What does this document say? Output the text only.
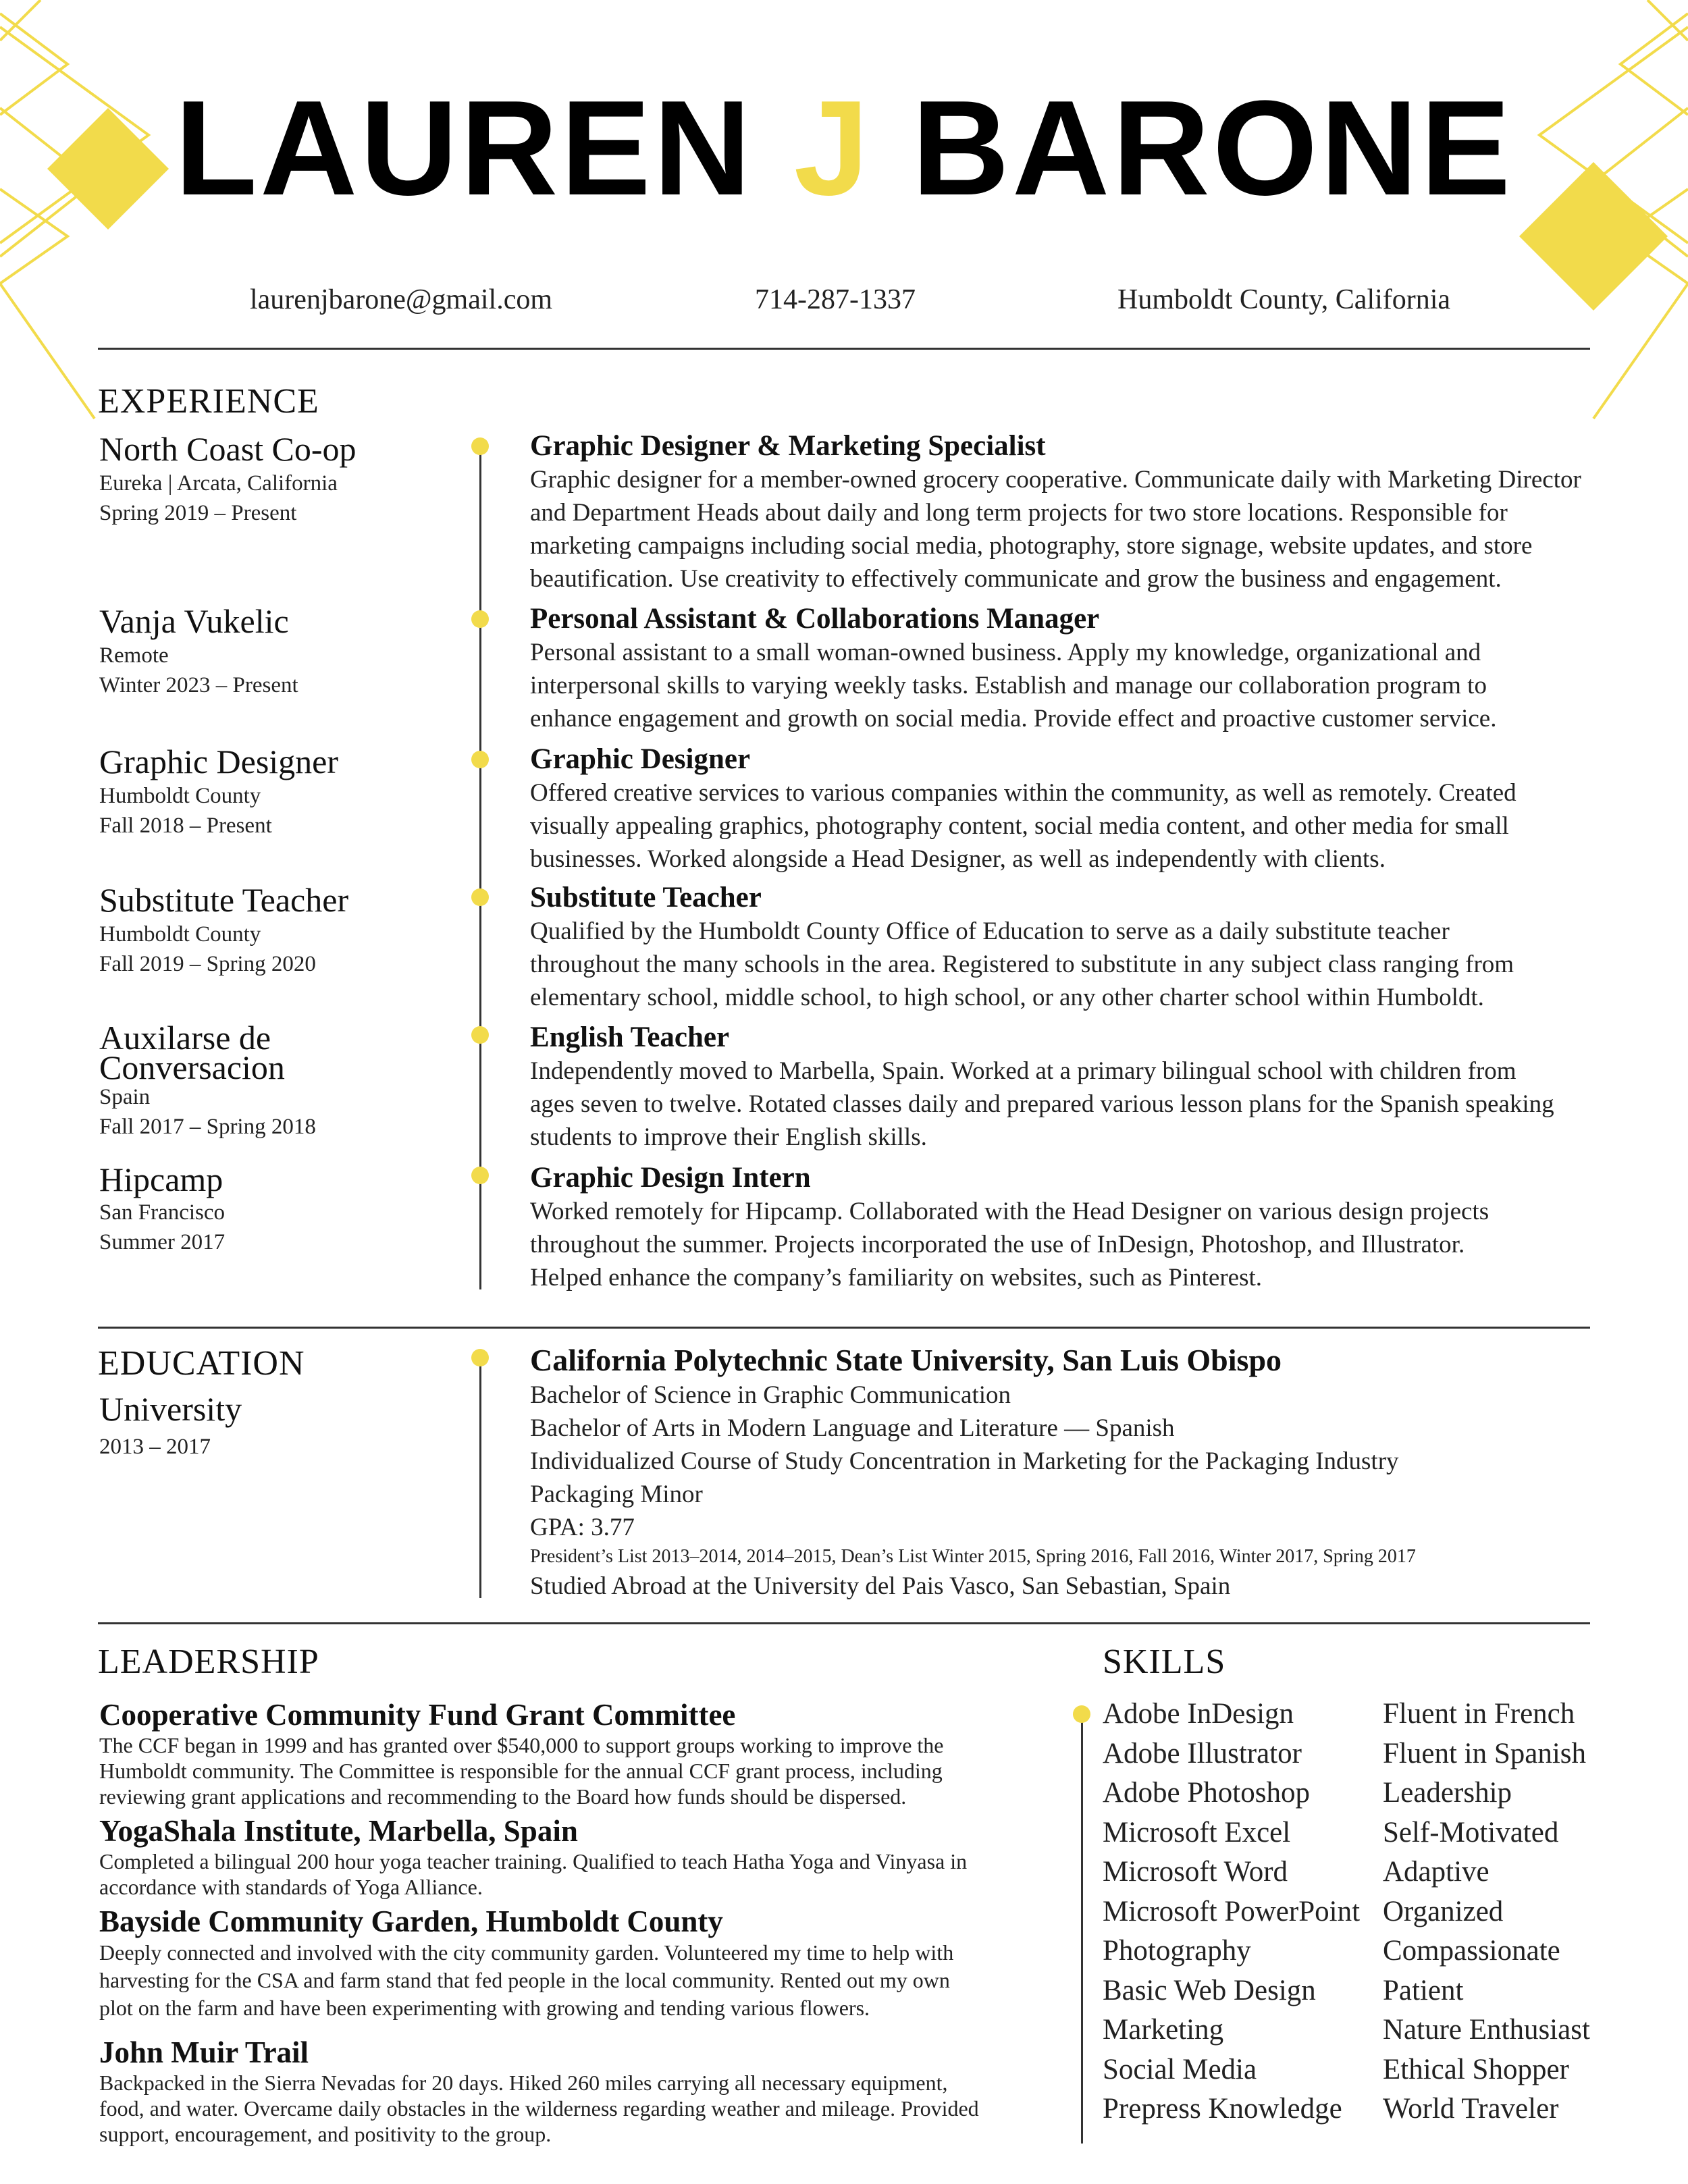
LAUREN J BARONE
laurenjbarone@gmail.com	714-287-1337	Humboldt County, California
EXPERIENCE
North Coast Co-op
Eureka | Arcata, California
Spring 2019 – Present
Graphic Designer & Marketing Specialist
Graphic designer for a member-owned grocery cooperative. Communicate daily with Marketing Director
and Department Heads about daily and long term projects for two store locations. Responsible for
marketing campaigns including social media, photography, store signage, website updates, and store
beautification. Use creativity to effectively communicate and grow the business and engagement.
Vanja Vukelic
Remote
Winter 2023 – Present
Personal Assistant & Collaborations Manager
Personal assistant to a small woman-owned business. Apply my knowledge, organizational and
interpersonal skills to varying weekly tasks. Establish and manage our collaboration program to
enhance engagement and growth on social media. Provide effect and proactive customer service.
Graphic Designer
Humboldt County
Fall 2018 – Present
Graphic Designer
Offered creative services to various companies within the community, as well as remotely. Created
visually appealing graphics, photography content, social media content, and other media for small
businesses. Worked alongside a Head Designer, as well as independently with clients.
Substitute Teacher
Humboldt County
Fall 2019 – Spring 2020
Substitute Teacher
Qualified by the Humboldt County Office of Education to serve as a daily substitute teacher
throughout the many schools in the area. Registered to substitute in any subject class ranging from
elementary school, middle school, to high school, or any other charter school within Humboldt.
Auxilarse de
Conversacion
Spain
Fall 2017 – Spring 2018
English Teacher
Independently moved to Marbella, Spain. Worked at a primary bilingual school with children from
ages seven to twelve. Rotated classes daily and prepared various lesson plans for the Spanish speaking
students to improve their English skills.
Hipcamp
San Francisco
Summer 2017
Graphic Design Intern
Worked remotely for Hipcamp. Collaborated with the Head Designer on various design projects
throughout the summer. Projects incorporated the use of InDesign, Photoshop, and Illustrator.
Helped enhance the company’s familiarity on websites, such as Pinterest.
EDUCATION
University
2013 – 2017
California Polytechnic State University, San Luis Obispo
Bachelor of Science in Graphic Communication
Bachelor of Arts in Modern Language and Literature — Spanish
Individualized Course of Study Concentration in Marketing for the Packaging Industry
Packaging Minor
GPA: 3.77
President’s List 2013–2014, 2014–2015, Dean’s List Winter 2015, Spring 2016, Fall 2016, Winter 2017, Spring 2017
Studied Abroad at the University del Pais Vasco, San Sebastian, Spain
LEADERSHIP
Cooperative Community Fund Grant Committee
The CCF began in 1999 and has granted over $540,000 to support groups working to improve the
Humboldt community. The Committee is responsible for the annual CCF grant process, including
reviewing grant applications and recommending to the Board how funds should be dispersed.
YogaShala Institute, Marbella, Spain
Completed a bilingual 200 hour yoga teacher training. Qualified to teach Hatha Yoga and Vinyasa in
accordance with standards of Yoga Alliance.
Bayside Community Garden, Humboldt County
Deeply connected and involved with the city community garden. Volunteered my time to help with
harvesting for the CSA and farm stand that fed people in the local community. Rented out my own
plot on the farm and have been experimenting with growing and tending various flowers.
John Muir Trail
Backpacked in the Sierra Nevadas for 20 days. Hiked 260 miles carrying all necessary equipment,
food, and water. Overcame daily obstacles in the wilderness regarding weather and mileage. Provided
support, encouragement, and positivity to the group.
SKILLS
Adobe InDesign
Adobe Illustrator
Adobe Photoshop
Microsoft Excel
Microsoft Word
Microsoft PowerPoint
Photography
Basic Web Design
Marketing
Social Media
Prepress Knowledge
Fluent in French
Fluent in Spanish
Leadership
Self-Motivated
Adaptive
Organized
Compassionate
Patient
Nature Enthusiast
Ethical Shopper
World Traveler
